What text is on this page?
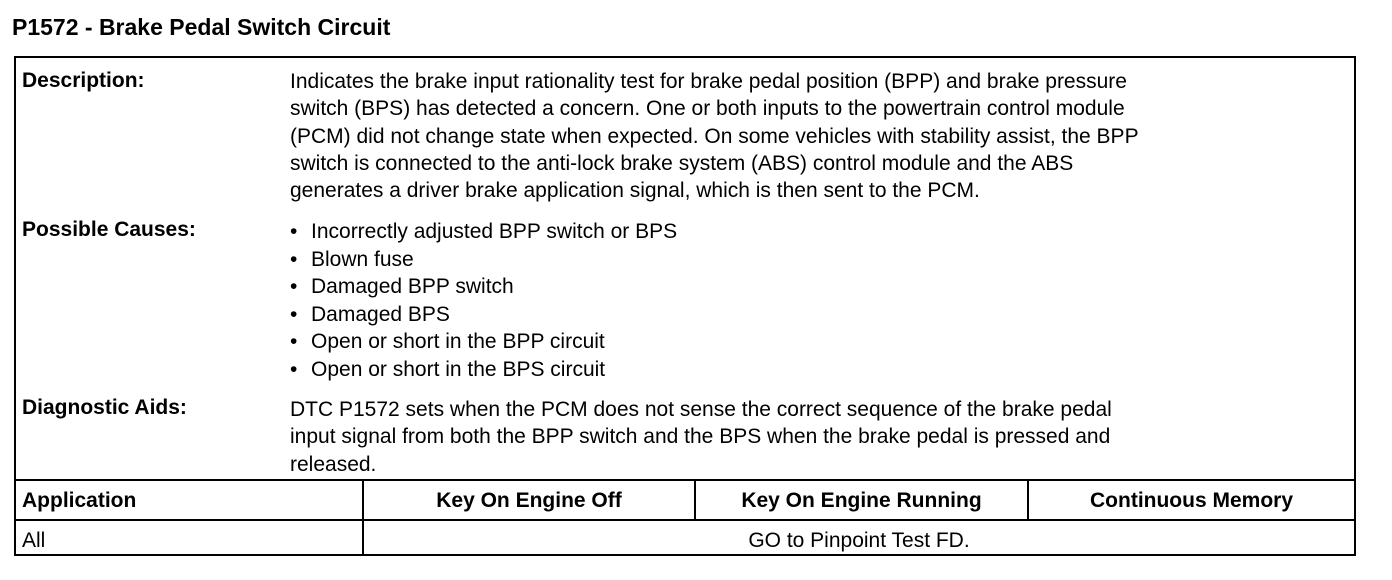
P1572 - Brake Pedal Switch Circuit
Description:	Indicates the brake input rationality test for brake pedal position (BPP) and brake pressure
switch (BPS) has detected a concern. One or both inputs to the powertrain control module
(PCM) did not change state when expected. On some vehicles with stability assist, the BPP
switch is connected to the anti-lock brake system (ABS) control module and the ABS
generates a driver brake application signal, which is then sent to the PCM.
Possible Causes:	• Incorrectly adjusted BPP switch or BPS
• Blown fuse
• Damaged BPP switch
• Damaged BPS
• Open or short in the BPP circuit
• Open or short in the BPS circuit
Diagnostic Aids:	DTC P1572 sets when the PCM does not sense the correct sequence of the brake pedal
input signal from both the BPP switch and the BPS when the brake pedal is pressed and
released.
Application	Key On Engine Off	Key On Engine Running	Continuous Memory
All	GO to Pinpoint Test FD.
